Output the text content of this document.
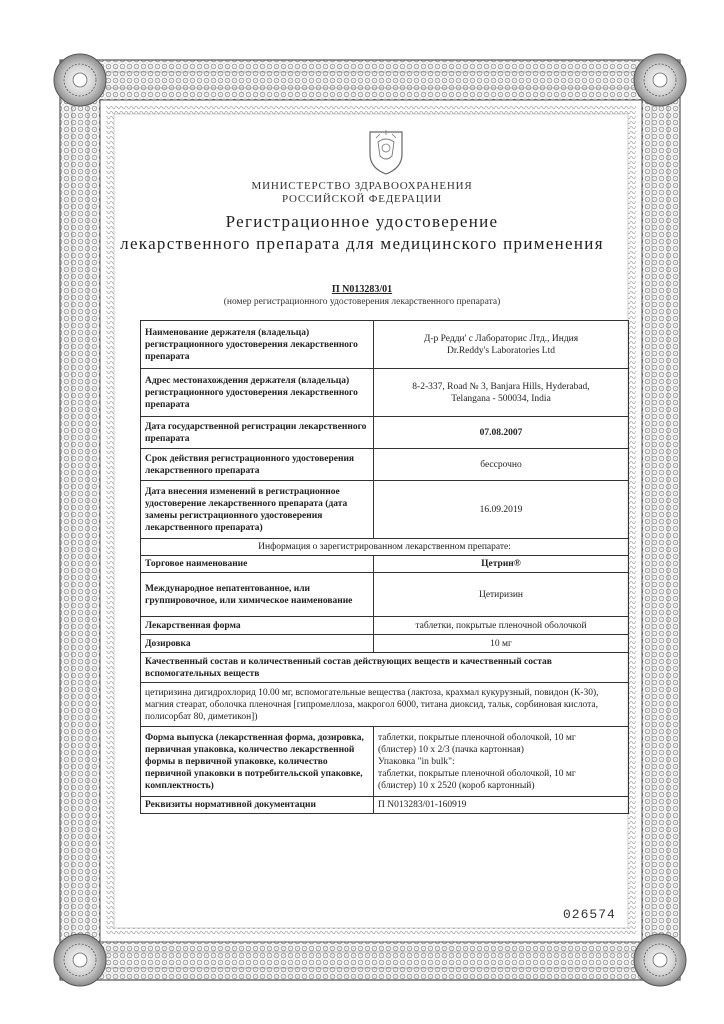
МИНИСТЕРСТВО ЗДРАВООХРАНЕНИЯ
РОССИЙСКОЙ ФЕДЕРАЦИИ
Регистрационное удостоверение
лекарственного препарата для медицинского применения
П N013283/01
(номер регистрационного удостоверения лекарственного препарата)
Наименование держателя (владельца) регистрационного удостоверения лекарственного препарата	Д-р Редди' с Лабораторис Лтд., Индия
Dr.Reddy's Laboratories Ltd

Адрес местонахождения держателя (владельца) регистрационного удостоверения лекарственного препарата	8-2-337, Road № 3, Banjara Hills, Hyderabad,
Telangana - 500034, India

Дата государственной регистрации лекарственного препарата	07.08.2007
Срок действия регистрационного удостоверения лекарственного препарата	бессрочно
Дата внесения изменений в регистрационное удостоверение лекарственного препарата (дата замены регистрационного удостоверения лекарственного препарата)	16.09.2019
Информация о зарегистрированном лекарственном препарате:	
Торговое наименование	Цетрин®
Международное непатентованное, или группировочное, или химическое наименование	Цетиризин
Лекарственная форма	таблетки, покрытые пленочной оболочкой
Дозировка	10 мг
Качественный состав и количественный состав действующих веществ и качественный состав вспомогательных веществ	
цетиризина дигидрохлорид 10.00 мг, вспомогательные вещества (лактоза, крахмал кукурузный, повидон (К-30), магния стеарат, оболочка пленочная [гипромеллоза, макрогол 6000, титана диоксид, тальк, сорбиновая кислота, полисорбат 80, диметикон])	
Форма выпуска (лекарственная форма, дозировка, первичная упаковка, количество лекарственной формы в первичной упаковке, количество первичной упаковки в потребительской упаковке, комплектность)	таблетки, покрытые пленочной оболочкой, 10 мг
(блистер) 10 х 2/3 (пачка картонная)
Упаковка "in bulk":
таблетки, покрытые пленочной оболочкой, 10 мг
(блистер) 10 х 2520 (короб картонный)

Реквизиты нормативной документации	П N013283/01-160919
026574
